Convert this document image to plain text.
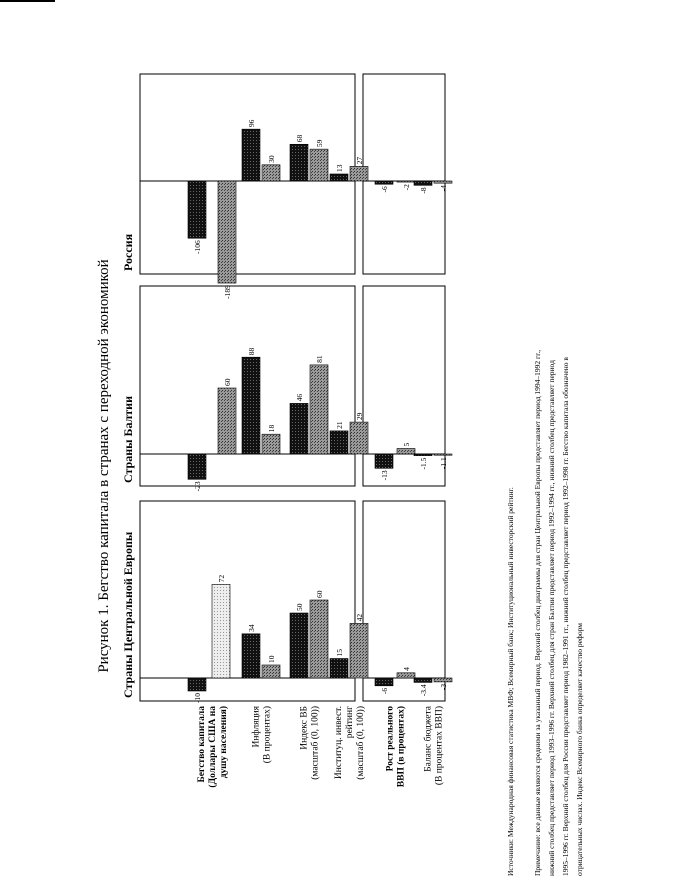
Рисунок 1. Бегство капитала в странах с переходной экономикой
Бегство капитала(Доллары США надушу населения) Инфляция(В процентах)	Индекс ВБ(масштаб (0, 100)) Институц. инвест.рейтинг(масштаб (0, 100)) Рост реальногоВВП (в процентах) Баланс бюджета(В процентах ВВП)
Страны Центральной Европы
Страны Балтии
Россия
-10
72
34
10
50
60
15
42
-6
4
-3.4 -3
-23
60
88
18
46
81
21
29
-13
5
-1.5 -1.1
-106
-189
96
30
68
59
13
27
-6 -2
-8 -4
Источники: Международная финансовая статистика МВФ; Всемирный банк; Институциональный инвесторский рейтинг. Примечание: все данные являются средними за указанный период. Верхний столбец диаграммы для стран Центральной Европы представляет период 1994–1992 гг., нижний столбец представляет период 1993–1996 гг. Верхний столбец для стран Балтии представляет период 1992–1994 гг., нижний столбец представляет период 1995–1996 гг. Верхний столбец для России представляет период 1982–1991 гг., нижний столбец представляет период 1992–1998 гг. Бегство капитала обозначено в отрицательных числах. Индекс Всемирного банка определяет качество реформ
